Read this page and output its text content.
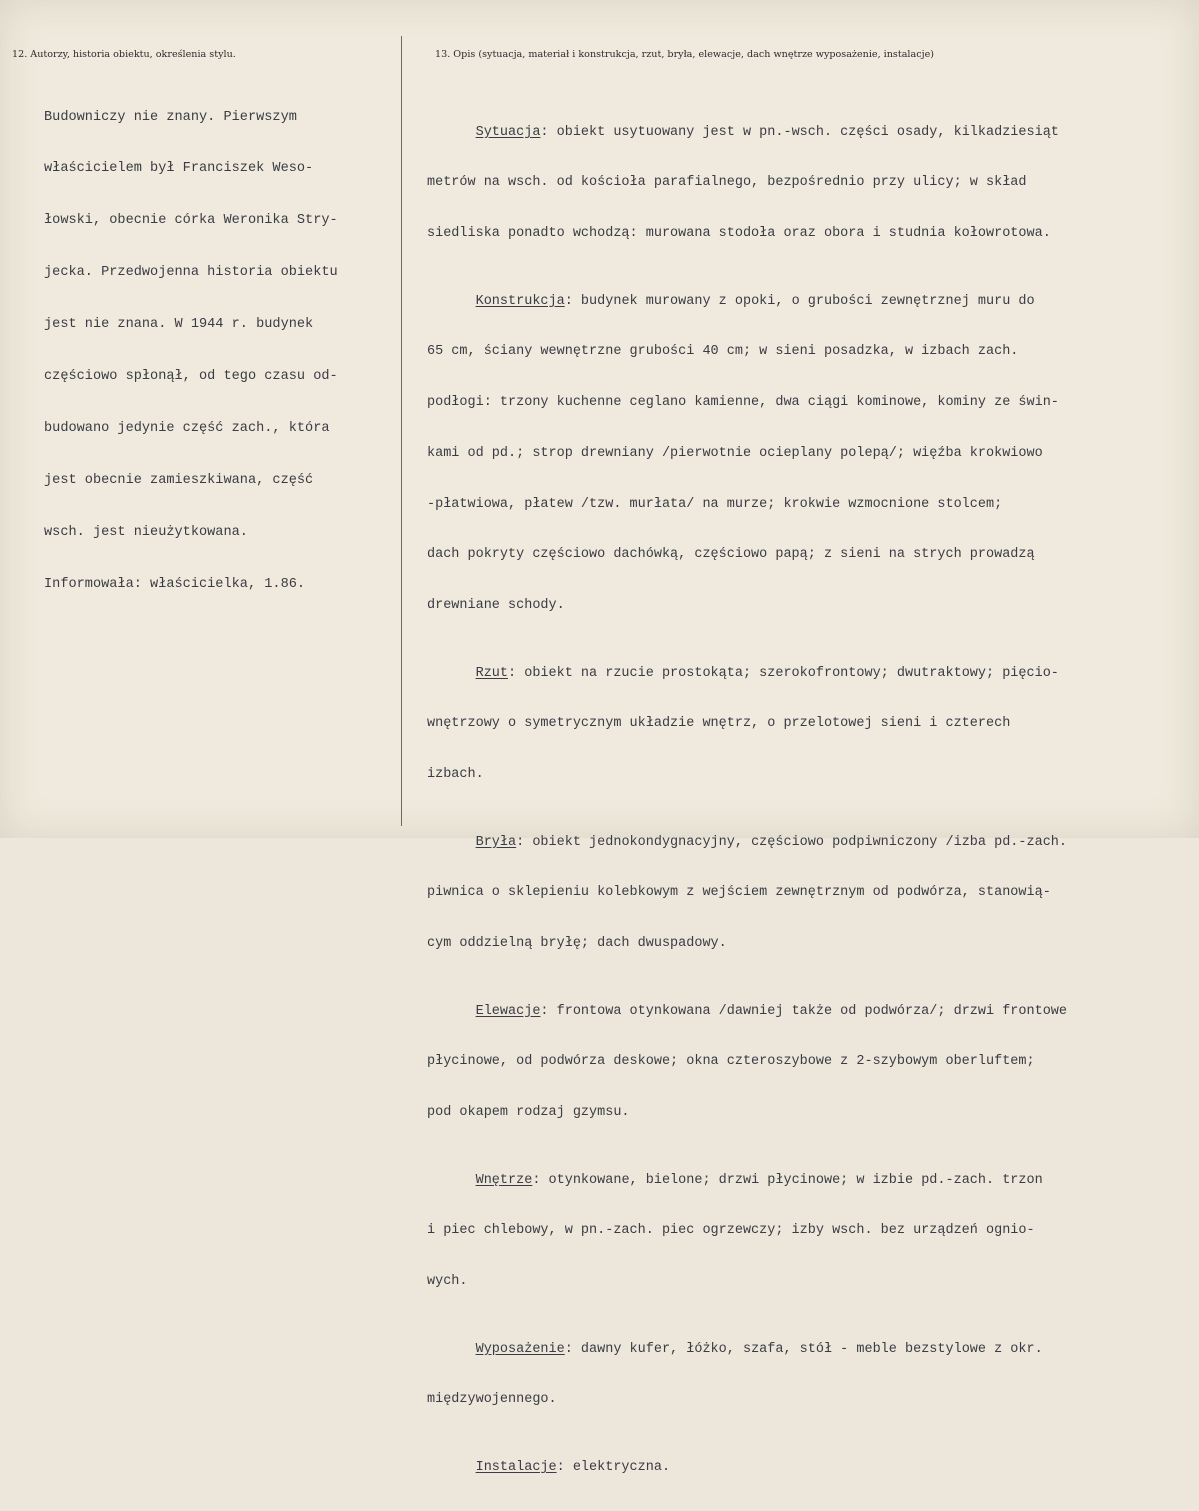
12. Autorzy, historia obiektu, określenia stylu.	13. Opis (sytuacja, materiał i konstrukcja, rzut, bryła, elewacje, dach wnętrze wyposażenie, instalacje)

Budowniczy nie znany. Pierwszym

właścicielem był Franciszek Weso-

łowski, obecnie córka Weronika Stry-

jecka. Przedwojenna historia obiektu

jest nie znana. W 1944 r. budynek

częściowo spłonął, od tego czasu od-

budowano jedynie część zach., która

jest obecnie zamieszkiwana, część

wsch. jest nieużytkowana.

Informowała: właścicielka, 1.86.

Sytuacja: obiekt usytuowany jest w pn.-wsch. części osady, kilkadziesiąt

metrów na wsch. od kościoła parafialnego, bezpośrednio przy ulicy; w skład

siedliska ponadto wchodzą: murowana stodoła oraz obora i studnia kołowrotowa.

Konstrukcja: budynek murowany z opoki, o grubości zewnętrznej muru do

65 cm, ściany wewnętrzne grubości 40 cm; w sieni posadzka, w izbach zach.

podłogi: trzony kuchenne ceglano kamienne, dwa ciągi kominowe, kominy ze świn-

kami od pd.; strop drewniany /pierwotnie ocieplany polepą/; więźba krokwiowo

-płatwiowa, płatew /tzw. murłata/ na murze; krokwie wzmocnione stolcem;

dach pokryty częściowo dachówką, częściowo papą; z sieni na strych prowadzą

drewniane schody.

Rzut: obiekt na rzucie prostokąta; szerokofrontowy; dwutraktowy; pięcio-

wnętrzowy o symetrycznym układzie wnętrz, o przelotowej sieni i czterech

izbach.

Bryła: obiekt jednokondygnacyjny, częściowo podpiwniczony /izba pd.-zach.

piwnica o sklepieniu kolebkowym z wejściem zewnętrznym od podwórza, stanowią-

cym oddzielną bryłę; dach dwuspadowy.

Elewacje: frontowa otynkowana /dawniej także od podwórza/; drzwi frontowe

płycinowe, od podwórza deskowe; okna czteroszybowe z 2-szybowym oberluftem;

pod okapem rodzaj gzymsu.

Wnętrze: otynkowane, bielone; drzwi płycinowe; w izbie pd.-zach. trzon

i piec chlebowy, w pn.-zach. piec ogrzewczy; izby wsch. bez urządzeń ognio-

wych.

Wyposażenie: dawny kufer, łóżko, szafa, stół - meble bezstylowe z okr.

międzywojennego.

Instalacje: elektryczna.
